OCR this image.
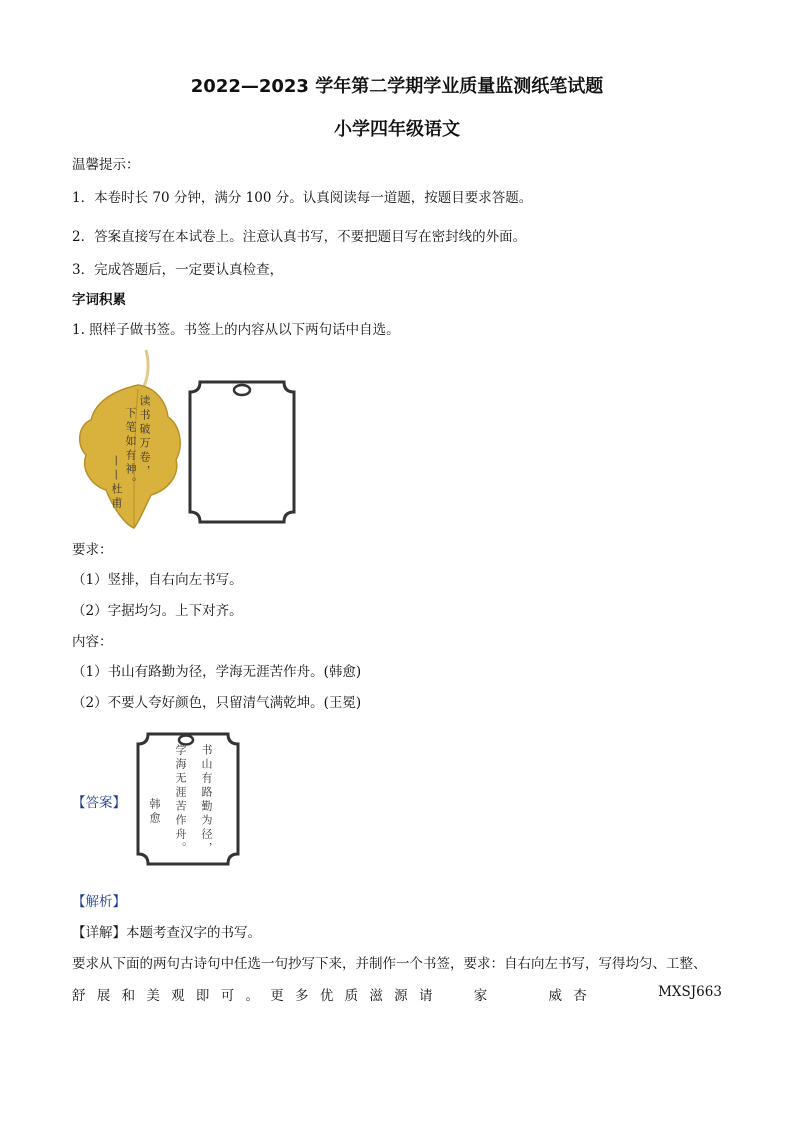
2022—2023 学年第二学期学业质量监测纸笔试题
小学四年级语文
温馨提示：
1．本卷时长 70 分钟，满分 100 分。认真阅读每一道题，按题目要求答题。
2．答案直接写在本试卷上。注意认真书写，不要把题目写在密封线的外面。
3．完成答题后，一定要认真检查，
字词积累
1. 照样子做书签。书签上的内容从以下两句话中自选。
读书破万卷，
下笔如有神。
——杜甫
要求：
（1）竖排，自右向左书写。
（2）字据均匀。上下对齐。
内容：
（1）书山有路勤为径，学海无涯苦作舟。(韩愈)
（2）不要人夸好颜色，只留清气满乾坤。(王冕)
【答案】	书山有路勤为径，
学海无涯苦作舟。
韩愈
【解析】
【详解】本题考查汉字的书写。
要求从下面的两句古诗句中任选一句抄写下来，并制作一个书签，要求：自右向左书写，写得均匀、工整、
舒 展 和 美 观 即 可 。 更 多 优 质 滋 源 请	家	威 杏	MXSJ663
